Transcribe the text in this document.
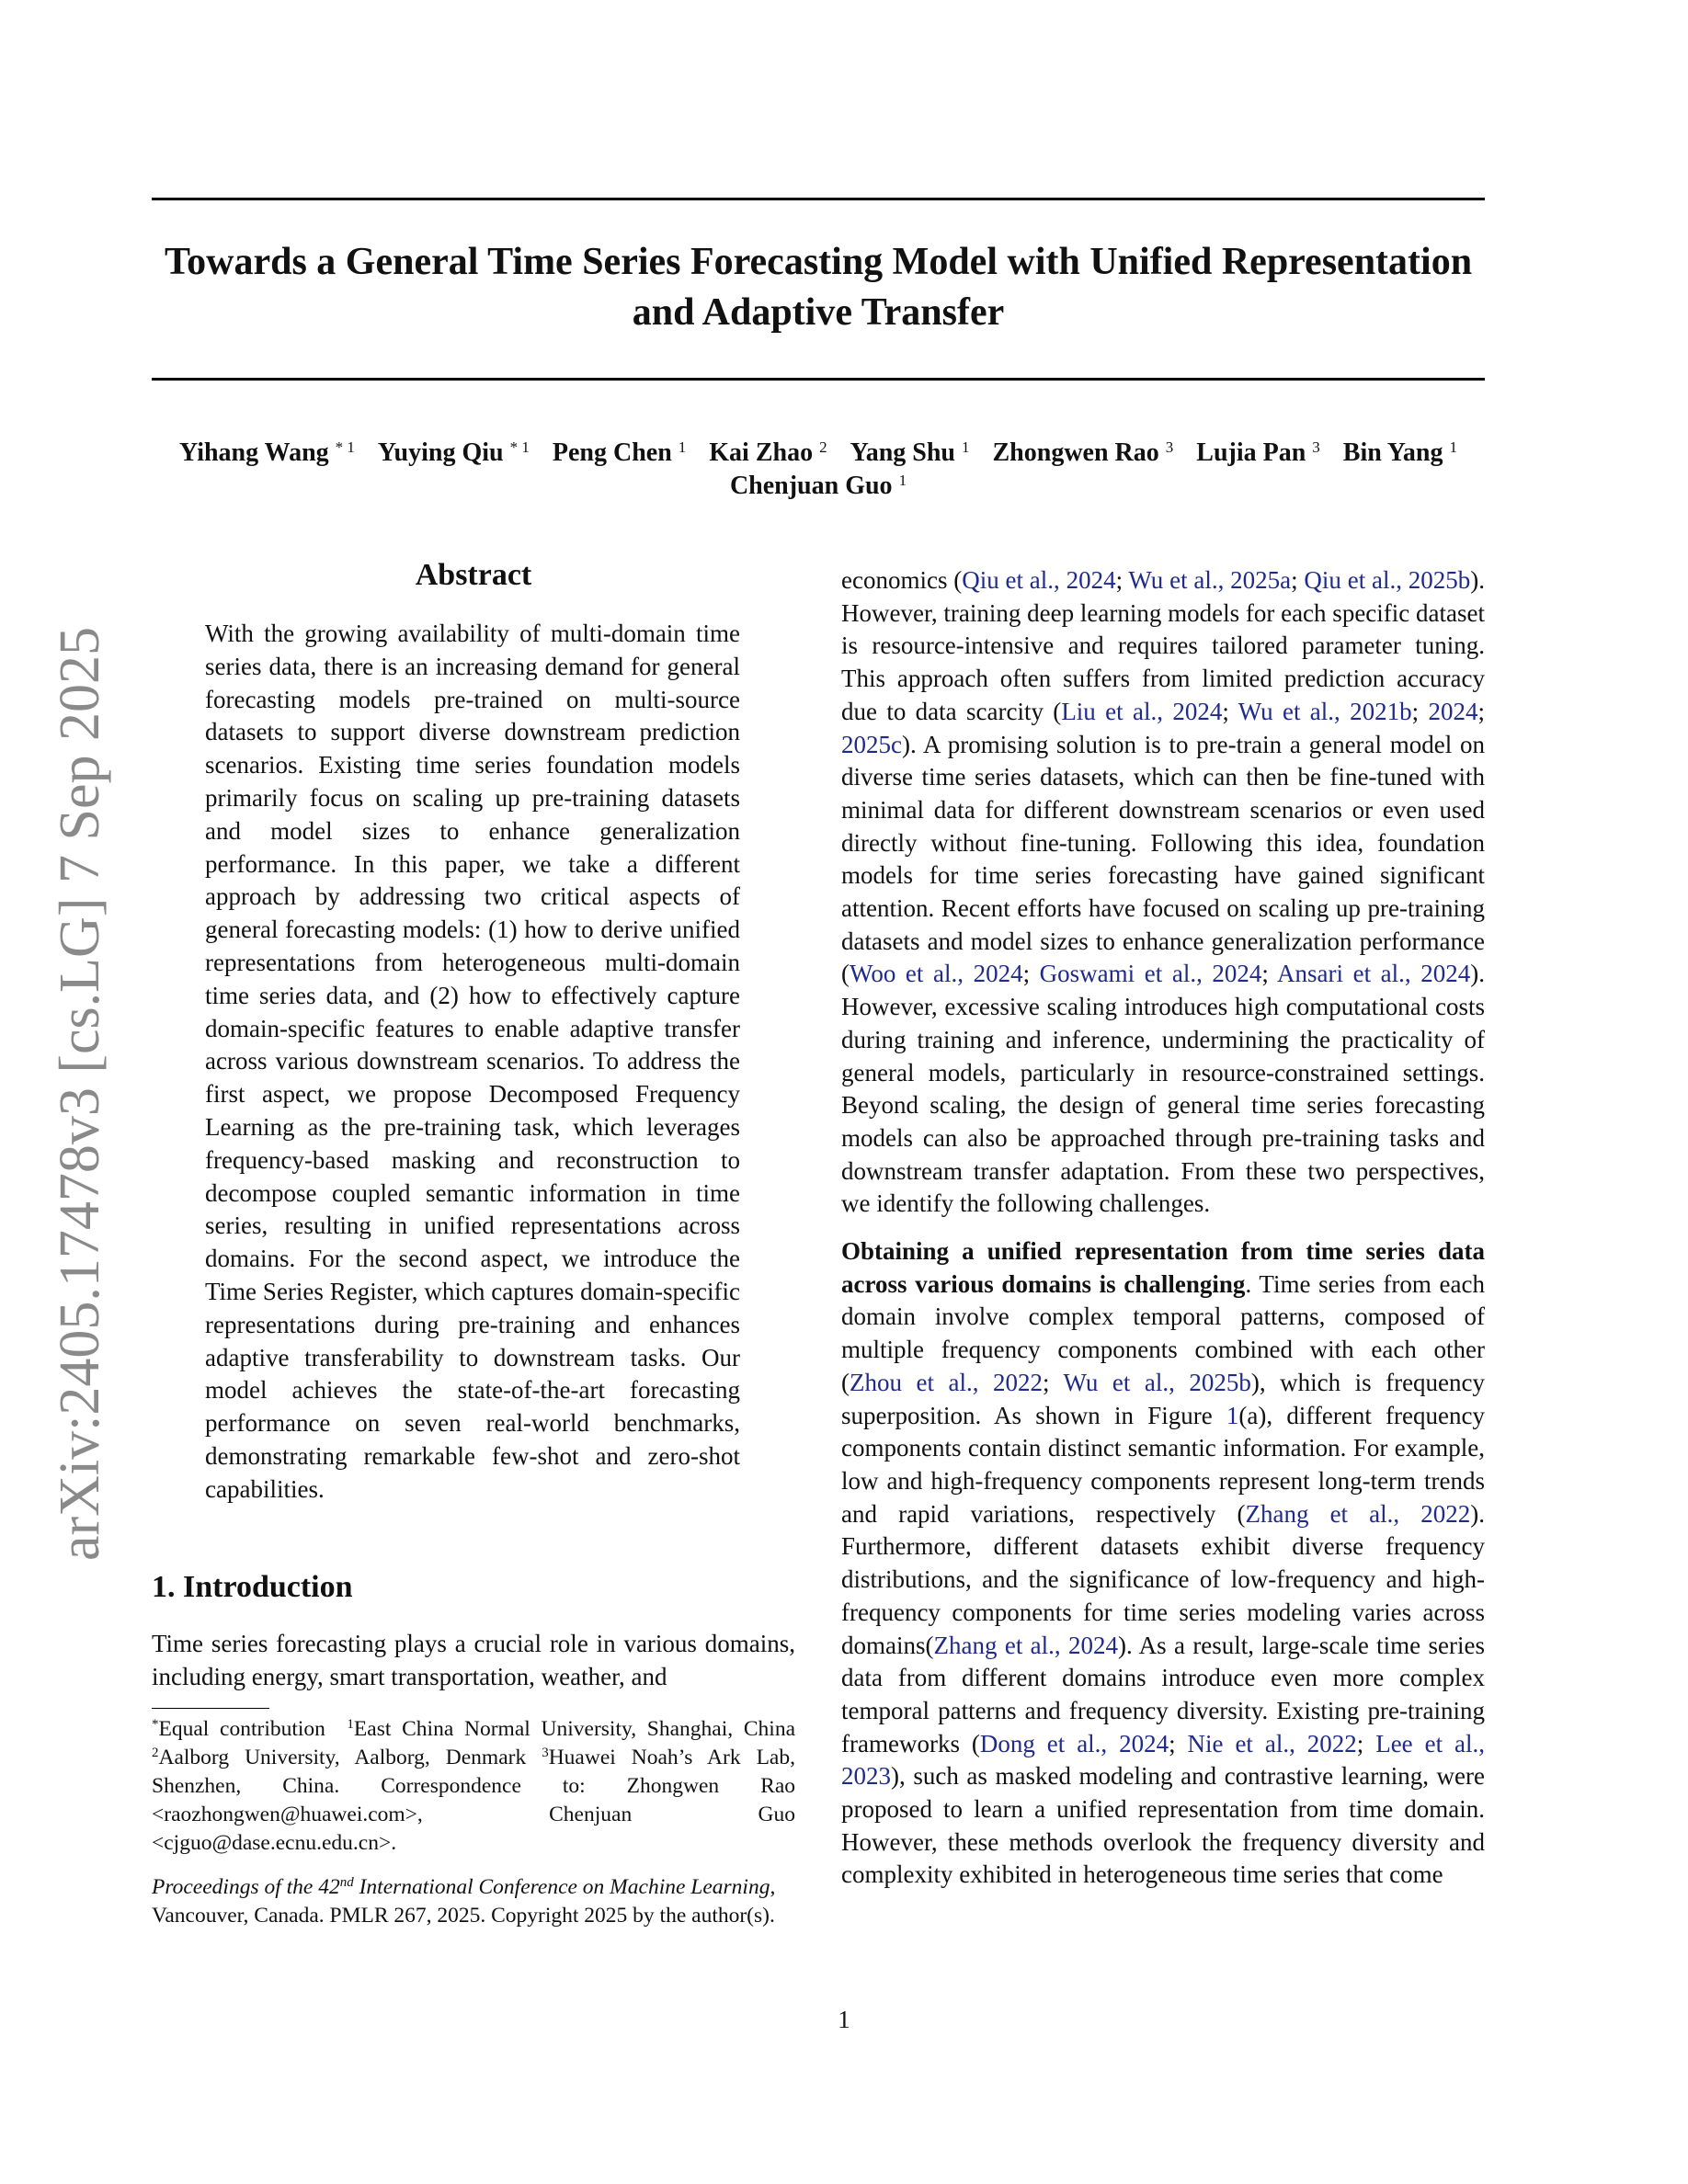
arXiv:2405.17478v3 [cs.LG] 7 Sep 2025
Towards a General Time Series Forecasting Model with Unified Representation and Adaptive Transfer
Yihang Wang $^{* 1}$ Yuying Qiu $^{* 1}$ Peng Chen $^1$ Kai Zhao $^2$ Yang Shu $^1$ Zhongwen Rao $^3$ Lujia Pan $^3$ Bin Yang $^1$
Chenjuan Guo $^1$
Abstract

With the growing availability of multi-domain time series data, there is an increasing demand for general forecasting models pre-trained on multi-source datasets to support diverse downstream prediction scenarios. Existing time series foundation models primarily focus on scaling up pre-training datasets and model sizes to enhance generalization performance. In this paper, we take a different approach by addressing two critical aspects of general forecasting models: (1) how to derive unified representations from heterogeneous multi-domain time series data, and (2) how to effectively capture domain-specific features to enable adaptive transfer across various downstream scenarios. To address the first aspect, we propose Decomposed Frequency Learning as the pre-training task, which leverages frequency-based masking and reconstruction to decompose coupled semantic information in time series, resulting in unified representations across domains. For the second aspect, we introduce the Time Series Register, which captures domain-specific representations during pre-training and enhances adaptive transferability to downstream tasks. Our model achieves the state-of-the-art forecasting performance on seven real-world benchmarks, demonstrating remarkable few-shot and zero-shot capabilities.

1. Introduction

Time series forecasting plays a crucial role in various domains, including energy, smart transportation, weather, and

*Equal contribution $^1$East China Normal University, Shanghai, China $^2$Aalborg University, Aalborg, Denmark $^3$Huawei Noah’s Ark Lab, Shenzhen, China. Correspondence to: Zhongwen Rao <raozhongwen@huawei.com>, Chenjuan Guo <cjguo@dase.ecnu.edu.cn>.

Proceedings of the 42nd International Conference on Machine Learning, Vancouver, Canada. PMLR 267, 2025. Copyright 2025 by the author(s).

economics (Qiu et al., 2024; Wu et al., 2025a; Qiu et al., 2025b). However, training deep learning models for each specific dataset is resource-intensive and requires tailored parameter tuning. This approach often suffers from limited prediction accuracy due to data scarcity (Liu et al., 2024; Wu et al., 2021b; 2024; 2025c). A promising solution is to pre-train a general model on diverse time series datasets, which can then be fine-tuned with minimal data for different downstream scenarios or even used directly without fine-tuning. Following this idea, foundation models for time series forecasting have gained significant attention. Recent efforts have focused on scaling up pre-training datasets and model sizes to enhance generalization performance (Woo et al., 2024; Goswami et al., 2024; Ansari et al., 2024). However, excessive scaling introduces high computational costs during training and inference, undermining the practicality of general models, particularly in resource-constrained settings. Beyond scaling, the design of general time series forecasting models can also be approached through pre-training tasks and downstream transfer adaptation. From these two perspectives, we identify the following challenges.

Obtaining a unified representation from time series data across various domains is challenging. Time series from each domain involve complex temporal patterns, composed of multiple frequency components combined with each other (Zhou et al., 2022; Wu et al., 2025b), which is frequency superposition. As shown in Figure 1(a), different frequency components contain distinct semantic information. For example, low and high-frequency components represent long-term trends and rapid variations, respectively (Zhang et al., 2022). Furthermore, different datasets exhibit diverse frequency distributions, and the significance of low-frequency and high-frequency components for time series modeling varies across domains(Zhang et al., 2024). As a result, large-scale time series data from different domains introduce even more complex temporal patterns and frequency diversity. Existing pre-training frameworks (Dong et al., 2024; Nie et al., 2022; Lee et al., 2023), such as masked modeling and contrastive learning, were proposed to learn a unified representation from time domain. However, these methods overlook the frequency diversity and complexity exhibited in heterogeneous time series that come

1
